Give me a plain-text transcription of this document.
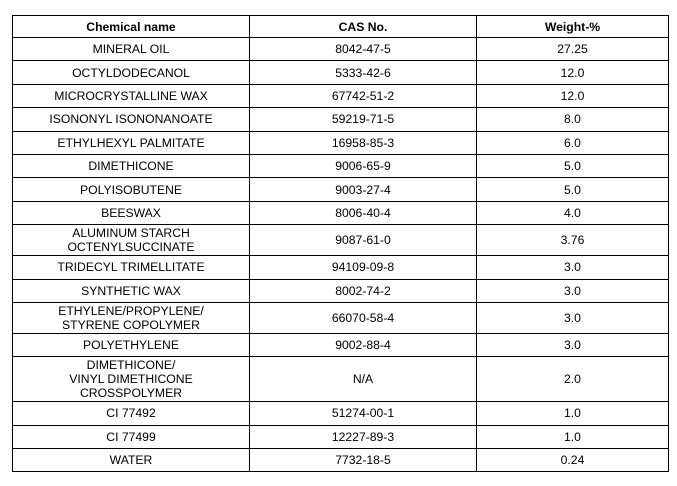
Chemical name	CAS No.	Weight-%
MINERAL OIL	8042-47-5	27.25
OCTYLDODECANOL	5333-42-6	12.0
MICROCRYSTALLINE WAX	67742-51-2	12.0
ISONONYL ISONONANOATE	59219-71-5	8.0
ETHYLHEXYL PALMITATE	16958-85-3	6.0
DIMETHICONE	9006-65-9	5.0
POLYISOBUTENE	9003-27-4	5.0
BEESWAX	8006-40-4	4.0
ALUMINUM STARCH
OCTENYLSUCCINATE	9087-61-0	3.76
TRIDECYL TRIMELLITATE	94109-09-8	3.0
SYNTHETIC WAX	8002-74-2	3.0
ETHYLENE/PROPYLENE/
STYRENE COPOLYMER	66070-58-4	3.0
POLYETHYLENE	9002-88-4	3.0
DIMETHICONE/
VINYL DIMETHICONE
CROSSPOLYMER	N/A	2.0
CI 77492	51274-00-1	1.0
CI 77499	12227-89-3	1.0
WATER	7732-18-5	0.24
